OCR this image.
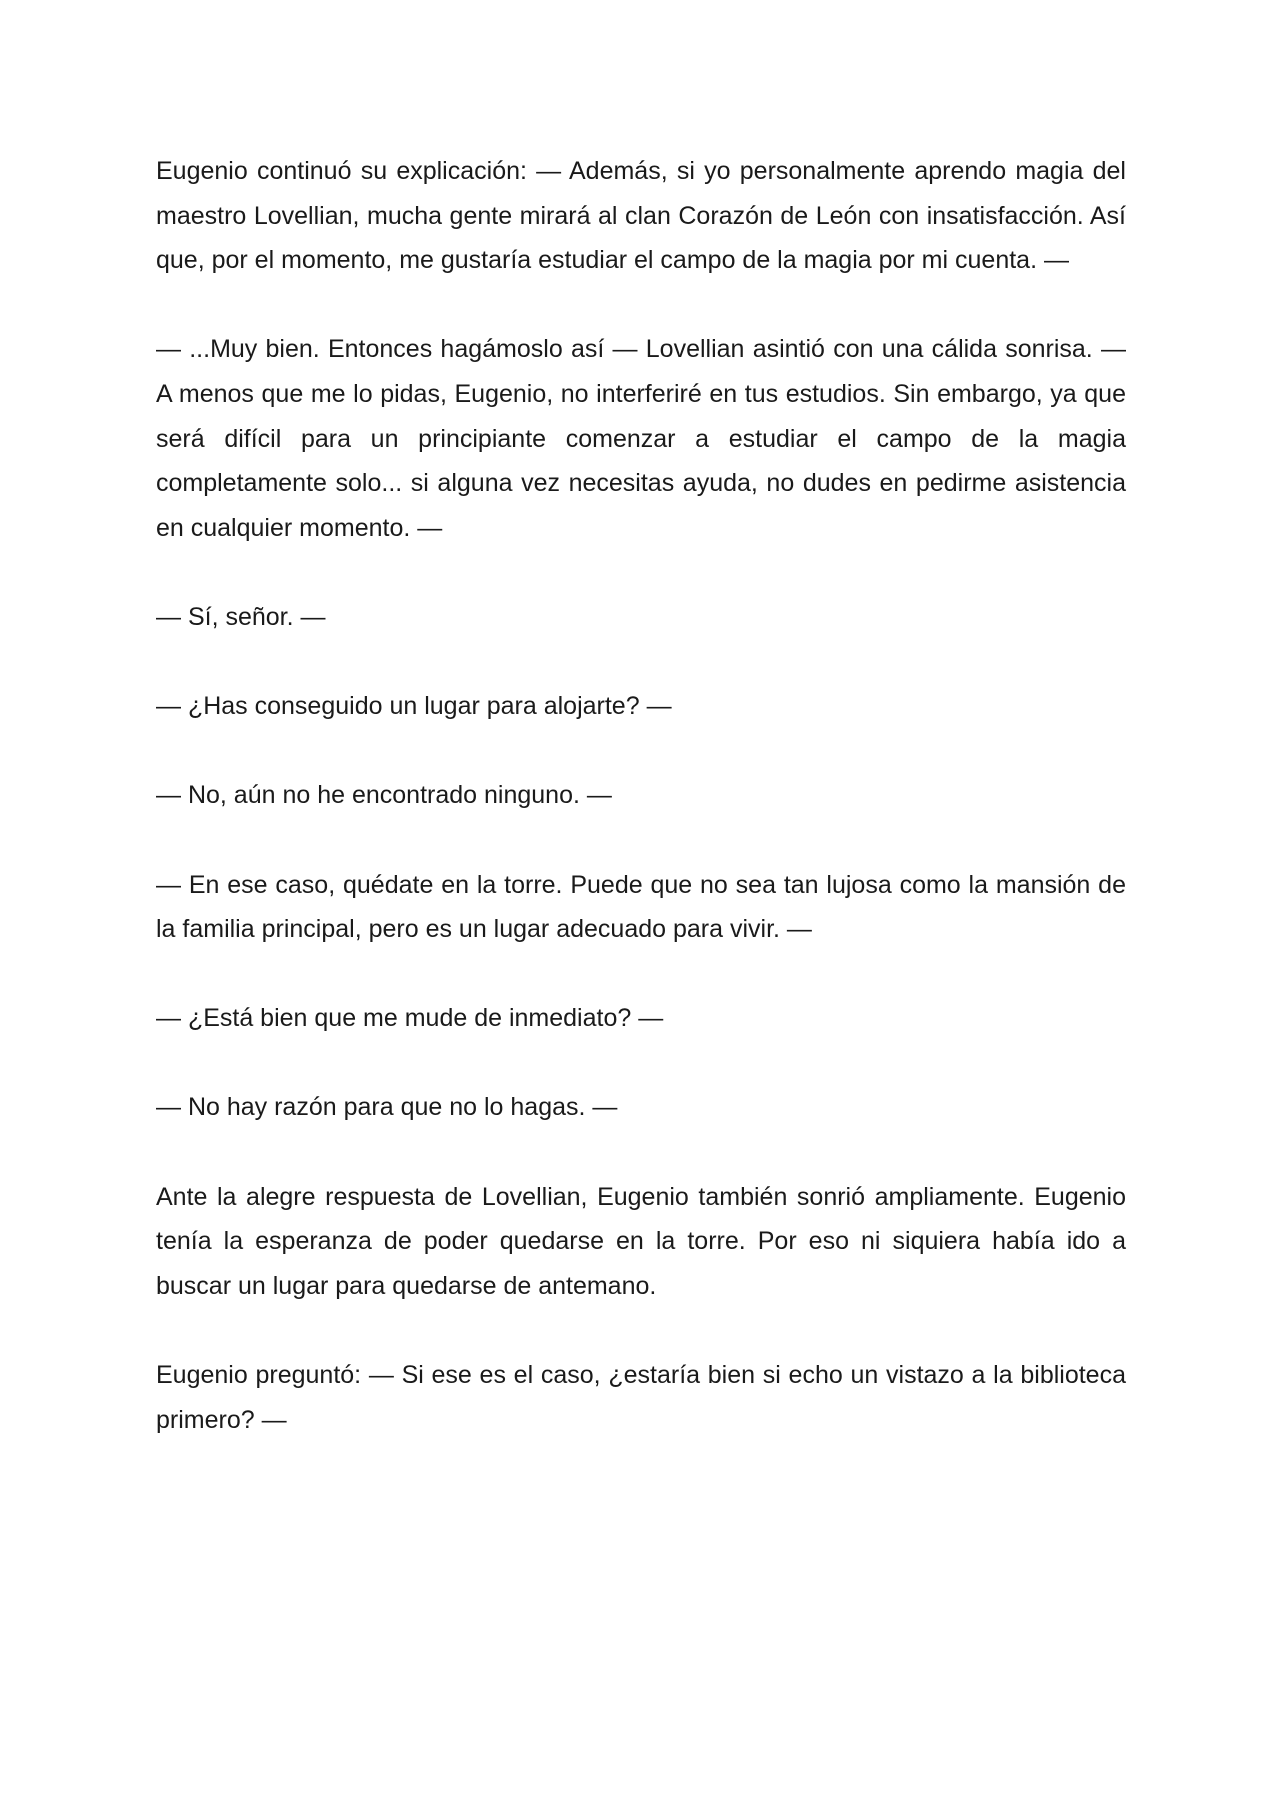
Eugenio continuó su explicación: — Además, si yo personalmente aprendo magia del maestro Lovellian, mucha gente mirará al clan Corazón de León con insatisfacción. Así que, por el momento, me gustaría estudiar el campo de la magia por mi cuenta. —

— ...Muy bien. Entonces hagámoslo así — Lovellian asintió con una cálida sonrisa. — A menos que me lo pidas, Eugenio, no interferiré en tus estudios. Sin embargo, ya que será difícil para un principiante comenzar a estudiar el campo de la magia completamente solo... si alguna vez necesitas ayuda, no dudes en pedirme asistencia en cualquier momento. —

— Sí, señor. —

— ¿Has conseguido un lugar para alojarte? —

— No, aún no he encontrado ninguno. —

— En ese caso, quédate en la torre. Puede que no sea tan lujosa como la mansión de la familia principal, pero es un lugar adecuado para vivir. —

— ¿Está bien que me mude de inmediato? —

— No hay razón para que no lo hagas. —

Ante la alegre respuesta de Lovellian, Eugenio también sonrió ampliamente. Eugenio tenía la esperanza de poder quedarse en la torre. Por eso ni siquiera había ido a buscar un lugar para quedarse de antemano.

Eugenio preguntó: — Si ese es el caso, ¿estaría bien si echo un vistazo a la biblioteca primero? —
